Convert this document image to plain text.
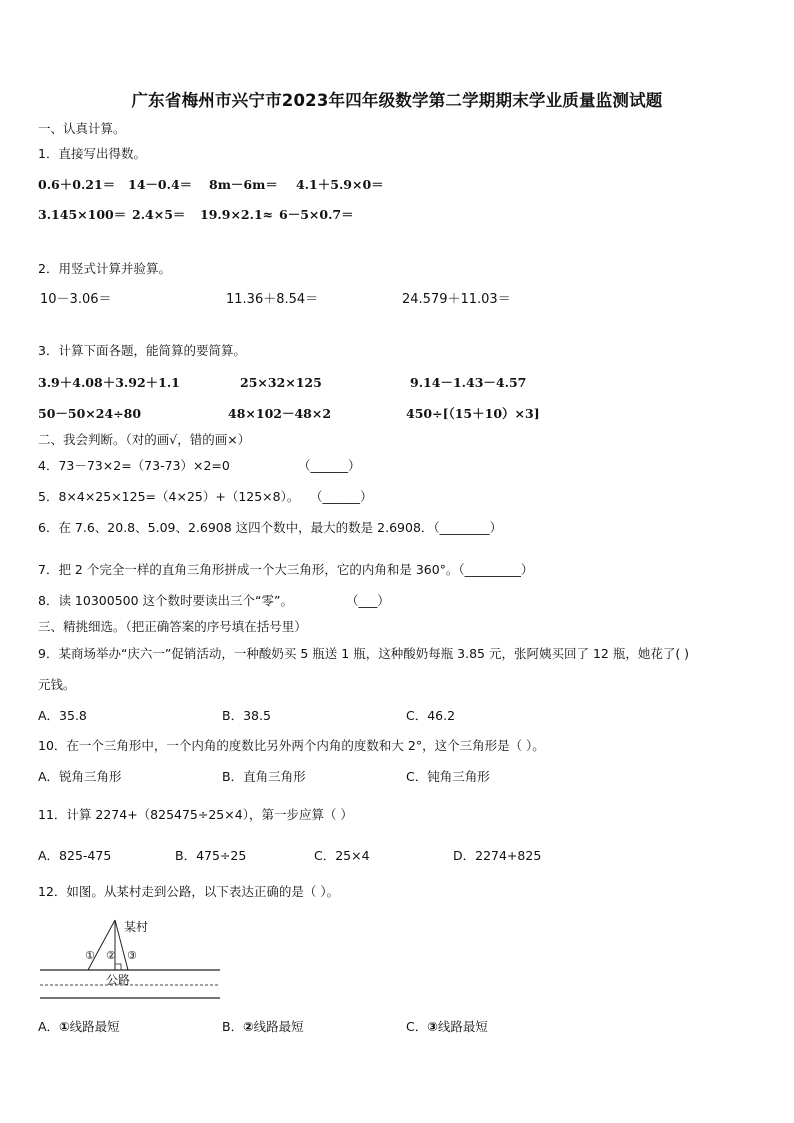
广东省梅州市兴宁市2023年四年级数学第二学期期末学业质量监测试题
一、认真计算。
1．直接写出得数。
0.6＋0.21＝ 14－0.4＝ 8m－6m＝ 4.1＋5.9×0＝
3.145×100＝ 2.4×5＝ 19.9×2.1≈ 6－5×0.7＝
2．用竖式计算并验算。
10－3.06＝	11.36＋8.54＝	24.579＋11.03＝
3．计算下面各题，能简算的要简算。
3.9＋4.08＋3.92＋1.1	25×32×125	9.14－1.43－4.57
50－50×24÷80	48×102－48×2	450÷[（15＋10）×3]
二、我会判断。（对的画√，错的画×）
4．73－73×2=（73-73）×2=0	（______）
5．8×4×25×125=（4×25）+（125×8）。 （______）
6．在 7.6、20.8、5.09、2.6908 这四个数中，最大的数是 2.6908．（________）
7．把 2 个完全一样的直角三角形拼成一个大三角形，它的内角和是 360°。（_________）
8．读 10300500 这个数时要读出三个“零”。	（___）
三、精挑细选。（把正确答案的序号填在括号里）
9．某商场举办“庆六一”促销活动，一种酸奶买 5 瓶送 1 瓶，这种酸奶每瓶 3.85 元，张阿姨买回了 12 瓶，她花了( )
元钱。
A．35.8	B．38.5	C．46.2
10．在一个三角形中，一个内角的度数比另外两个内角的度数和大 2°，这个三角形是（ ）。
A．锐角三角形	B．直角三角形	C．钝角三角形
11．计算 2274+（825475÷25×4），第一步应算（ ）
A．825-475	B．475÷25	C．25×4	D．2274+825
12．如图。从某村走到公路，以下表达正确的是（ ）。
① ② ③
某村
公路
A．①线路最短	B．②线路最短	C．③线路最短
